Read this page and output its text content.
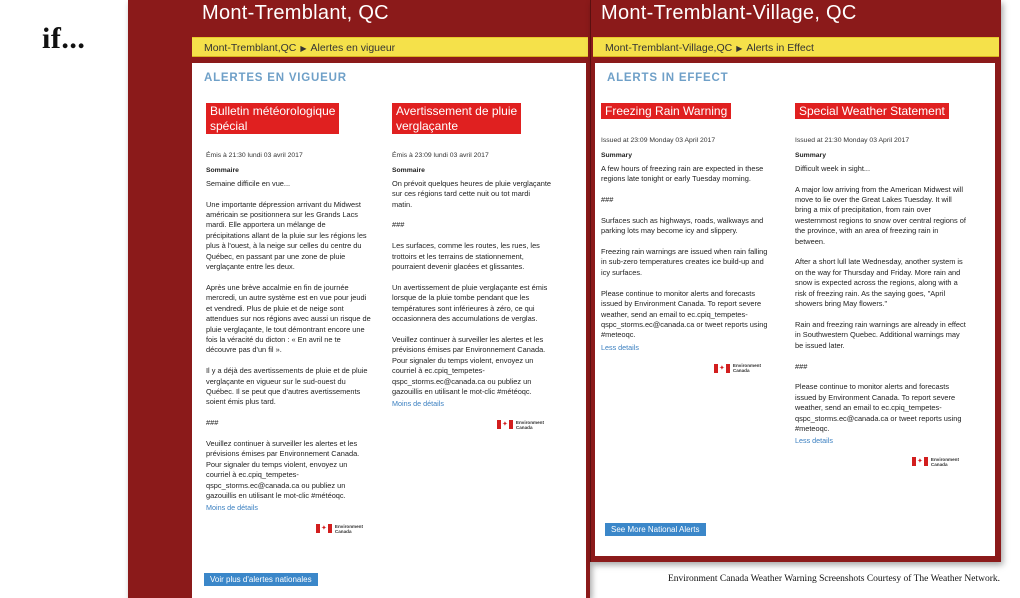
if...
Mont-Tremblant, QC
Mont-Tremblant,QC ▶ Alertes en vigueur
ALERTES EN VIGUEUR
Bulletin météorologique
spécial
Émis à 21:30 lundi 03 avril 2017
Sommaire
Semaine difficile en vue...

Une importante dépression arrivant du Midwest américain se positionnera sur les Grands Lacs mardi. Elle apportera un mélange de précipitations allant de la pluie sur les régions les plus à l'ouest, à la neige sur celles du centre du Québec, en passant par une zone de pluie verglaçante entre les deux.

Après une brève accalmie en fin de journée mercredi, un autre système est en vue pour jeudi et vendredi. Plus de pluie et de neige sont attendues sur nos régions avec aussi un risque de pluie verglaçante, le tout démontrant encore une fois la véracité du dicton : « En avril ne te découvre pas d'un fil ».

Il y a déjà des avertissements de pluie et de pluie verglaçante en vigueur sur le sud-ouest du Québec. Il se peut que d'autres avertissements soient émis plus tard.

###

Veuillez continuer à surveiller les alertes et les prévisions émises par Environnement Canada. Pour signaler du temps violent, envoyez un courriel à ec.cpiq_tempetes-qspc_storms.ec@canada.ca ou publiez un gazouillis en utilisant le mot-clic #météoqc.
Moins de détails
✦ Environment
Canada
Avertissement de pluie
verglaçante
Émis à 23:09 lundi 03 avril 2017
Sommaire
On prévoit quelques heures de pluie verglaçante sur ces régions tard cette nuit ou tot mardi matin.

###

Les surfaces, comme les routes, les rues, les trottoirs et les terrains de stationnement, pourraient devenir glacées et glissantes.

Un avertissement de pluie verglaçante est émis lorsque de la pluie tombe pendant que les températures sont inférieures à zéro, ce qui occasionnera des accumulations de verglas.

Veuillez continuer à surveiller les alertes et les prévisions émises par Environnement Canada. Pour signaler du temps violent, envoyez un courriel à ec.cpiq_tempetes-qspc_storms.ec@canada.ca ou publiez un gazouillis en utilisant le mot-clic #météoqc.
Moins de détails
✦ Environment
Canada
Voir plus d'alertes nationales
Mont-Tremblant-Village, QC
Mont-Tremblant-Village,QC ▶ Alerts in Effect
ALERTS IN EFFECT
Freezing Rain Warning
Issued at 23:09 Monday 03 April 2017
Summary
A few hours of freezing rain are expected in these regions late tonight or early Tuesday morning.

###

Surfaces such as highways, roads, walkways and parking lots may become icy and slippery.

Freezing rain warnings are issued when rain falling in sub-zero temperatures creates ice build-up and icy surfaces.

Please continue to monitor alerts and forecasts issued by Environment Canada. To report severe weather, send an email to ec.cpiq_tempetes-qspc_storms.ec@canada.ca or tweet reports using #meteoqc.
Less details
✦ Environment
Canada
Special Weather Statement
Issued at 21:30 Monday 03 April 2017
Summary
Difficult week in sight...

A major low arriving from the American Midwest will move to lie over the Great Lakes Tuesday. It will bring a mix of precipitation, from rain over westernmost regions to snow over central regions of the province, with an area of freezing rain in between.

After a short lull late Wednesday, another system is on the way for Thursday and Friday. More rain and snow is expected across the regions, along with a risk of freezing rain. As the saying goes, "April showers bring May flowers."

Rain and freezing rain warnings are already in effect in Southwestern Quebec. Additional warnings may be issued later.

###

Please continue to monitor alerts and forecasts issued by Environment Canada. To report severe weather, send an email to ec.cpiq_tempetes-qspc_storms.ec@canada.ca or tweet reports using #meteoqc.
Less details
✦ Environment
Canada
See More National Alerts
Environment Canada Weather Warning Screenshots Courtesy of The Weather Network.
